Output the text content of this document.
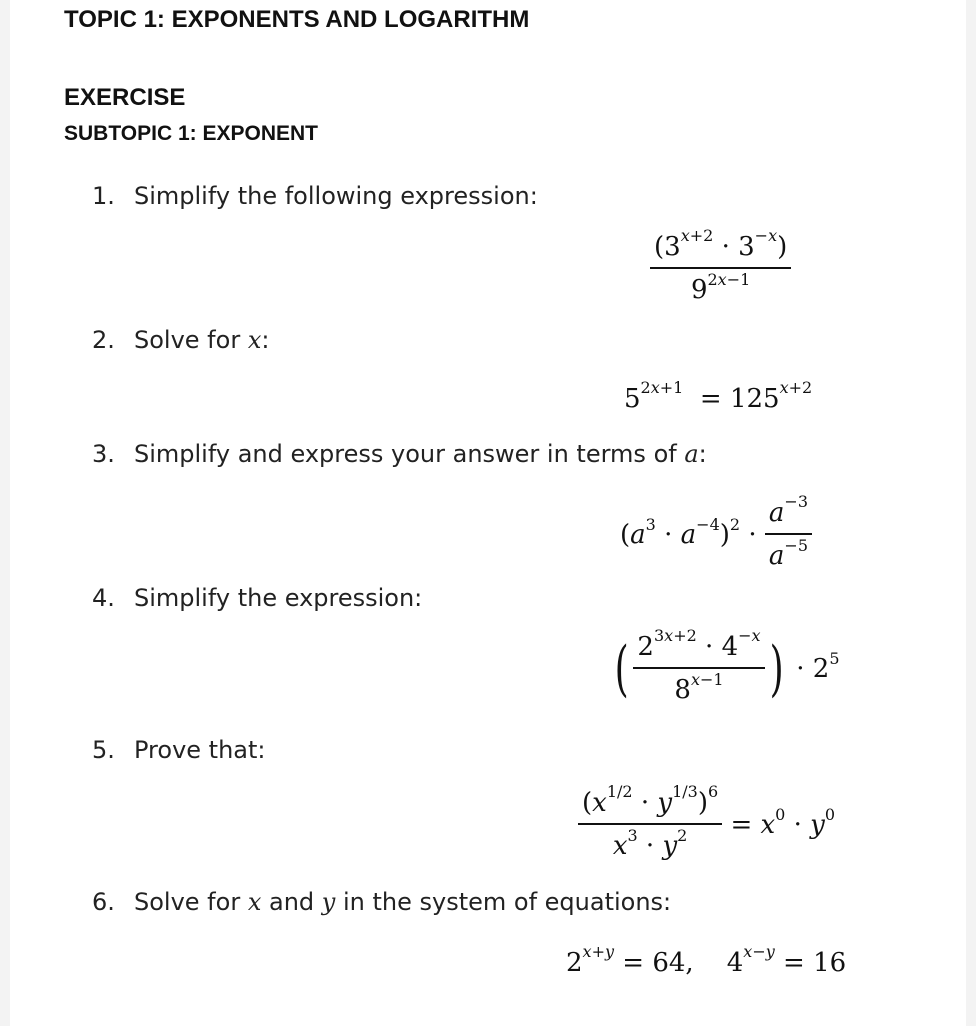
TOPIC 1: EXPONENTS AND LOGARITHM
EXERCISE
SUBTOPIC 1: EXPONENT
1. Simplify the following expression:
$\frac{(3^{x+2} \cdot 3^{-x})}{9^{2x-1}}$
2. Solve for x:
$5^{2x+1} = 125^{x+2}$
3. Simplify and express your answer in terms of a:
$(a^3 \cdot a^{-4})^2 \cdot \frac{a^{-3}}{a^{-5}}$
4. Simplify the expression:
( $\frac{2^{3x+2} \cdot 4^{-x}}{8^{x-1}}$ ) · $2^5$
5. Prove that:
$\frac{(x^{1/2} \cdot y^{1/3})^6}{x^3 \cdot y^2} = x^0 \cdot y^0$
6. Solve for x and y in the system of equations:
$2^{x+y} = 64$,    $4^{x-y} = 16$
